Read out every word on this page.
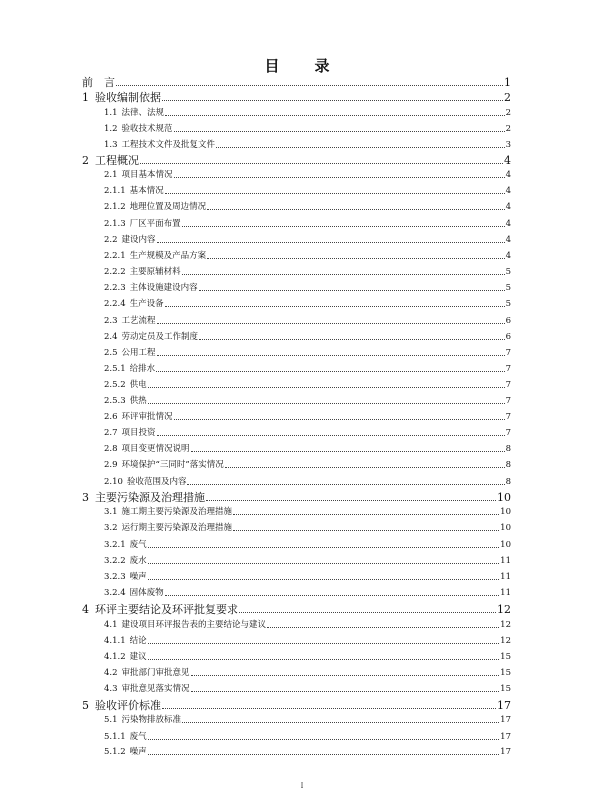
目　录
前　言	1
1 验收编制依据	2
1.1 法律、法规	2
1.2 验收技术规范	2
1.3 工程技术文件及批复文件	3
2 工程概况	4
2.1 项目基本情况	4
2.1.1 基本情况	4
2.1.2 地理位置及周边情况	4
2.1.3 厂区平面布置	4
2.2 建设内容	4
2.2.1 生产规模及产品方案	4
2.2.2 主要原辅材料	5
2.2.3 主体设施建设内容	5
2.2.4 生产设备	5
2.3 工艺流程	6
2.4 劳动定员及工作制度	6
2.5 公用工程	7
2.5.1 给排水	7
2.5.2 供电	7
2.5.3 供热	7
2.6 环评审批情况	7
2.7 项目投资	7
2.8 项目变更情况说明	8
2.9 环境保护“三同时”落实情况	8
2.10 验收范围及内容	8
3 主要污染源及治理措施	10
3.1 施工期主要污染源及治理措施	10
3.2 运行期主要污染源及治理措施	10
3.2.1 废气	10
3.2.2 废水	11
3.2.3 噪声	11
3.2.4 固体废物	11
4 环评主要结论及环评批复要求	12
4.1 建设项目环评报告表的主要结论与建议	12
4.1.1 结论	12
4.1.2 建议	15
4.2 审批部门审批意见	15
4.3 审批意见落实情况	15
5 验收评价标准	17
5.1 污染物排放标准	17
5.1.1 废气	17
5.1.2 噪声	17
I
